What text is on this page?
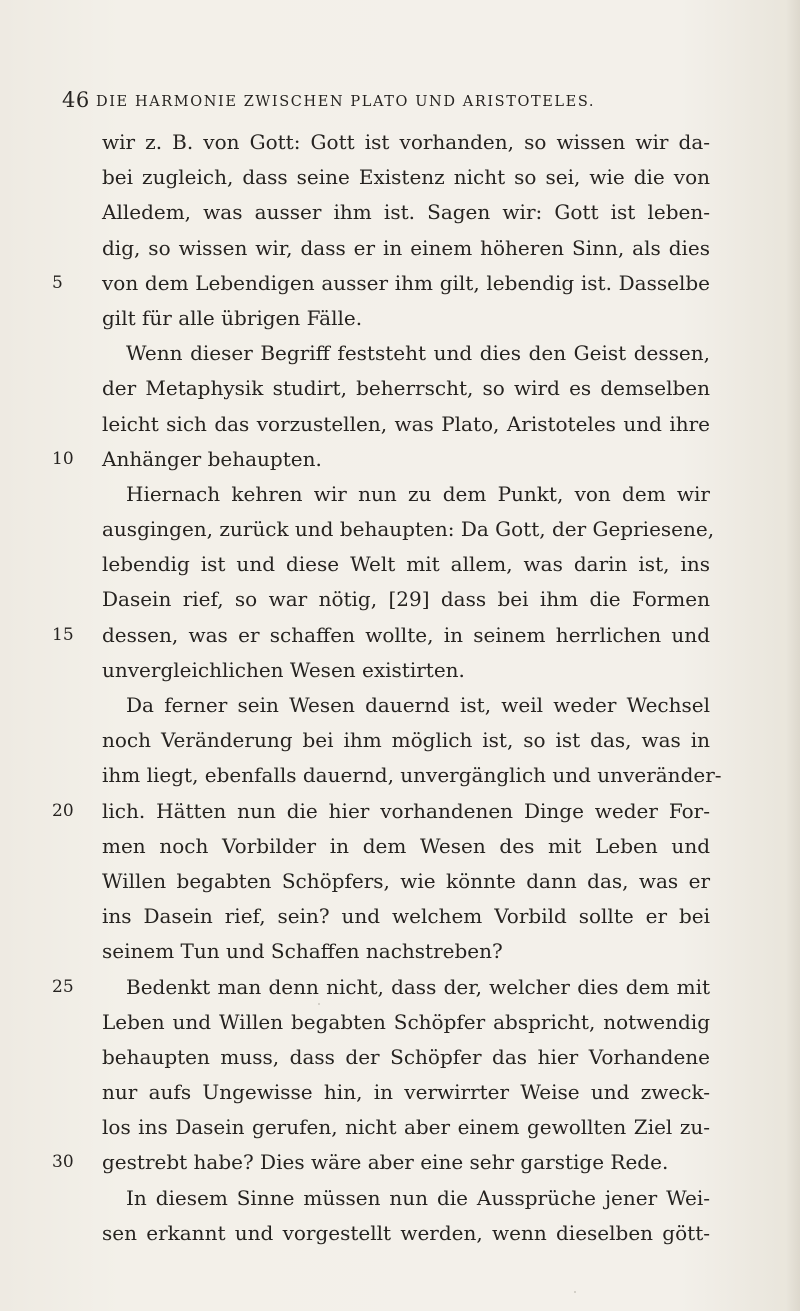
46 DIE HARMONIE ZWISCHEN PLATO UND ARISTOTELES.
wir z. B. von Gott: Gott ist vorhanden, so wissen wir da-
bei zugleich, dass seine Existenz nicht so sei, wie die von
Alledem, was ausser ihm ist. Sagen wir: Gott ist leben-
dig, so wissen wir, dass er in einem höheren Sinn, als dies
5	von dem Lebendigen ausser ihm gilt, lebendig ist. Dasselbe
gilt für alle übrigen Fälle.
Wenn dieser Begriff feststeht und dies den Geist dessen,
der Metaphysik studirt, beherrscht, so wird es demselben
leicht sich das vorzustellen, was Plato, Aristoteles und ihre
10	Anhänger behaupten.
Hiernach kehren wir nun zu dem Punkt, von dem wir
ausgingen, zurück und behaupten: Da Gott, der Gepriesene,
lebendig ist und diese Welt mit allem, was darin ist, ins
Dasein rief, so war nötig, [29] dass bei ihm die Formen
15	dessen, was er schaffen wollte, in seinem herrlichen und
unvergleichlichen Wesen existirten.
Da ferner sein Wesen dauernd ist, weil weder Wechsel
noch Veränderung bei ihm möglich ist, so ist das, was in
ihm liegt, ebenfalls dauernd, unvergänglich und unveränder-
20	lich. Hätten nun die hier vorhandenen Dinge weder For-
men noch Vorbilder in dem Wesen des mit Leben und
Willen begabten Schöpfers, wie könnte dann das, was er
ins Dasein rief, sein? und welchem Vorbild sollte er bei
seinem Tun und Schaffen nachstreben?
25	Bedenkt man denn nicht, dass der, welcher dies dem mit
Leben und Willen begabten Schöpfer abspricht, notwendig
behaupten muss, dass der Schöpfer das hier Vorhandene
nur aufs Ungewisse hin, in verwirrter Weise und zweck-
los ins Dasein gerufen, nicht aber einem gewollten Ziel zu-
30	gestrebt habe? Dies wäre aber eine sehr garstige Rede.
In diesem Sinne müssen nun die Aussprüche jener Wei-
sen erkannt und vorgestellt werden, wenn dieselben gött-
